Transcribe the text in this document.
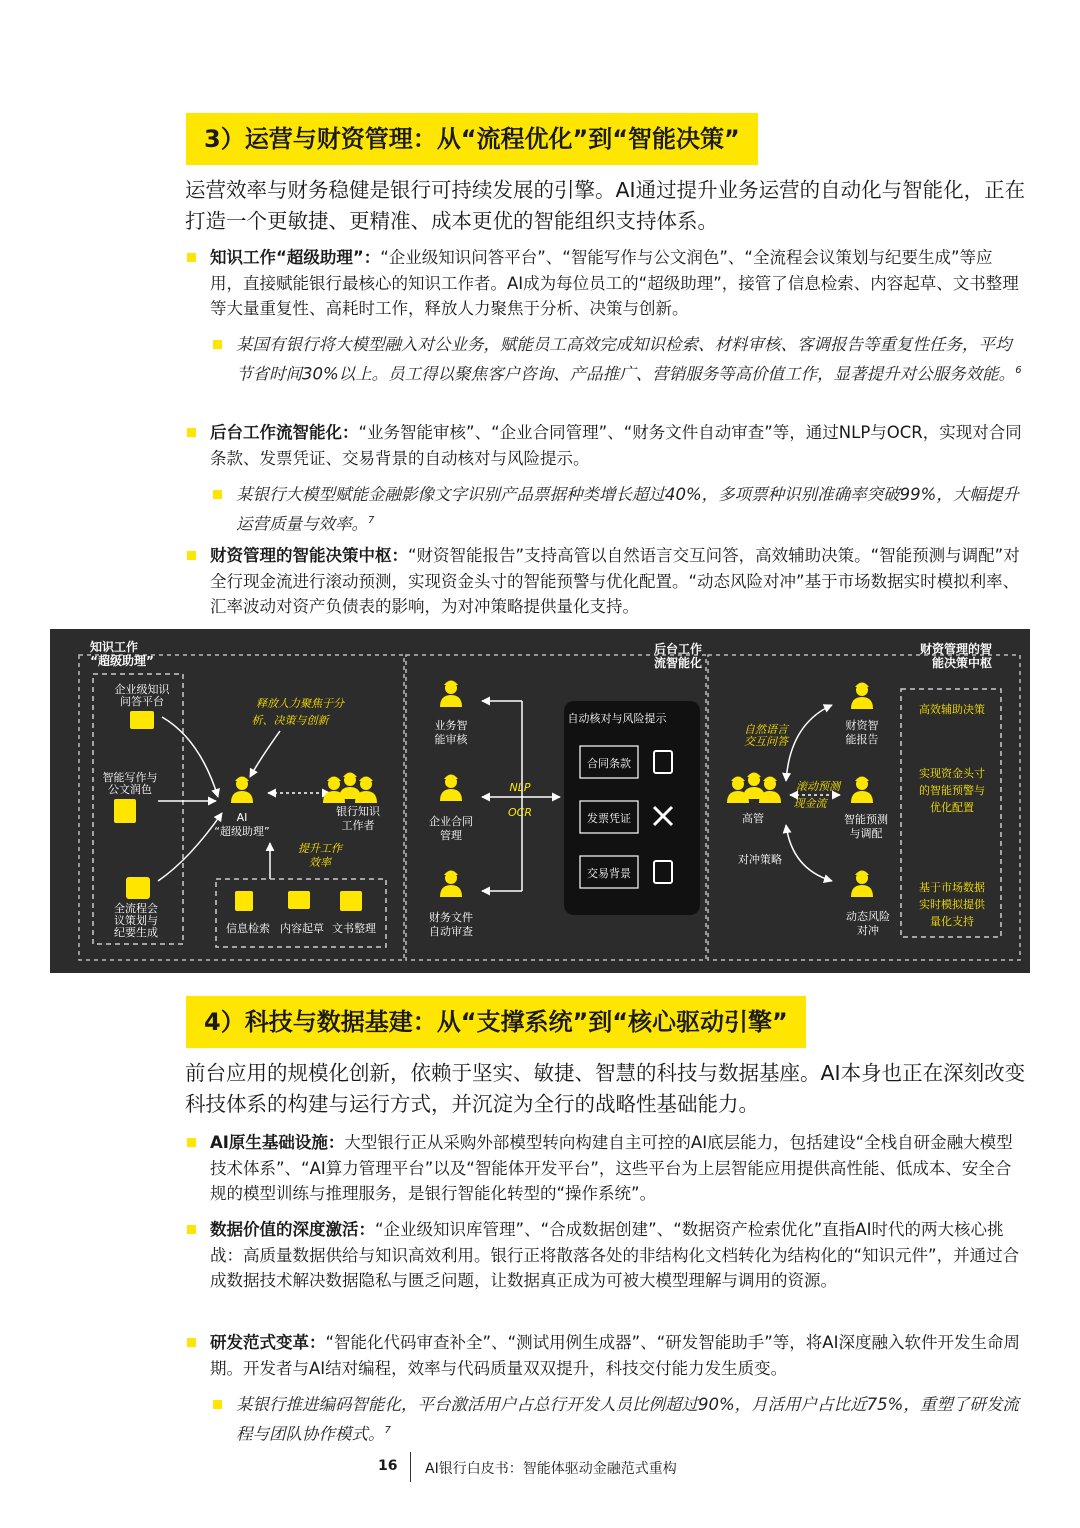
3）运营与财资管理：从“流程优化”到“智能决策”

运营效率与财务稳健是银行可持续发展的引擎。AI通过提升业务运营的自动化与智能化，正在打造一个更敏捷、更精准、成本更优的智能组织支持体系。

知识工作“超级助理”：“企业级知识问答平台”、“智能写作与公文润色”、“全流程会议策划与纪要生成”等应用，直接赋能银行最核心的知识工作者。AI成为每位员工的“超级助理”，接管了信息检索、内容起草、文书整理等大量重复性、高耗时工作，释放人力聚焦于分析、决策与创新。

某国有银行将大模型融入对公业务，赋能员工高效完成知识检索、材料审核、客调报告等重复性任务，平均节省时间30%以上。员工得以聚焦客户咨询、产品推广、营销服务等高价值工作，显著提升对公服务效能。$^6$

后台工作流智能化：“业务智能审核”、“企业合同管理”、“财务文件自动审查”等，通过NLP与OCR，实现对合同条款、发票凭证、交易背景的自动核对与风险提示。

某银行大模型赋能金融影像文字识别产品票据种类增长超过40%，多项票种识别准确率突破99%，大幅提升运营质量与效率。$^7$

财资管理的智能决策中枢：“财资智能报告”支持高管以自然语言交互问答，高效辅助决策。“智能预测与调配”对全行现金流进行滚动预测，实现资金头寸的智能预警与优化配置。“动态风险对冲”基于市场数据实时模拟利率、汇率波动对资产负债表的影响，为对冲策略提供量化支持。

知识工作
“超级助理”
企业级知识
问答平台
智能写作与
公文润色
全流程会
议策划与
纪要生成
释放人力聚焦于分
析、决策与创新
AI
“超级助理”
银行知识
工作者
提升工作
效率
信息检索 内容起草 文书整理
后台工作
流智能化
业务智
能审核
企业合同
管理
财务文件
自动审查
NLP
OCR
自动核对与风险提示
合同条款
发票凭证
交易背景
财资管理的智
能决策中枢
高管
自然语言
交互问答
滚动预测
现金流
对冲策略
财资智
能报告
智能预测
与调配
动态风险
对冲
高效辅助决策
实现资金头寸
的智能预警与
优化配置
基于市场数据
实时模拟提供
量化支持
4）科技与数据基建：从“支撑系统”到“核心驱动引擎”

前台应用的规模化创新，依赖于坚实、敏捷、智慧的科技与数据基座。AI本身也正在深刻改变科技体系的构建与运行方式，并沉淀为全行的战略性基础能力。

AI原生基础设施：大型银行正从采购外部模型转向构建自主可控的AI底层能力，包括建设“全栈自研金融大模型技术体系”、“AI算力管理平台”以及“智能体开发平台”，这些平台为上层智能应用提供高性能、低成本、安全合规的模型训练与推理服务，是银行智能化转型的“操作系统”。

数据价值的深度激活：“企业级知识库管理”、“合成数据创建”、“数据资产检索优化”直指AI时代的两大核心挑战：高质量数据供给与知识高效利用。银行正将散落各处的非结构化文档转化为结构化的“知识元件”，并通过合成数据技术解决数据隐私与匮乏问题，让数据真正成为可被大模型理解与调用的资源。

研发范式变革：“智能化代码审查补全”、“测试用例生成器”、“研发智能助手”等，将AI深度融入软件开发生命周期。开发者与AI结对编程，效率与代码质量双双提升，科技交付能力发生质变。

某银行推进编码智能化，平台激活用户占总行开发人员比例超过90%，月活用户占比近75%，重塑了研发流程与团队协作模式。$^7$

16 AI银行白皮书：智能体驱动金融范式重构
